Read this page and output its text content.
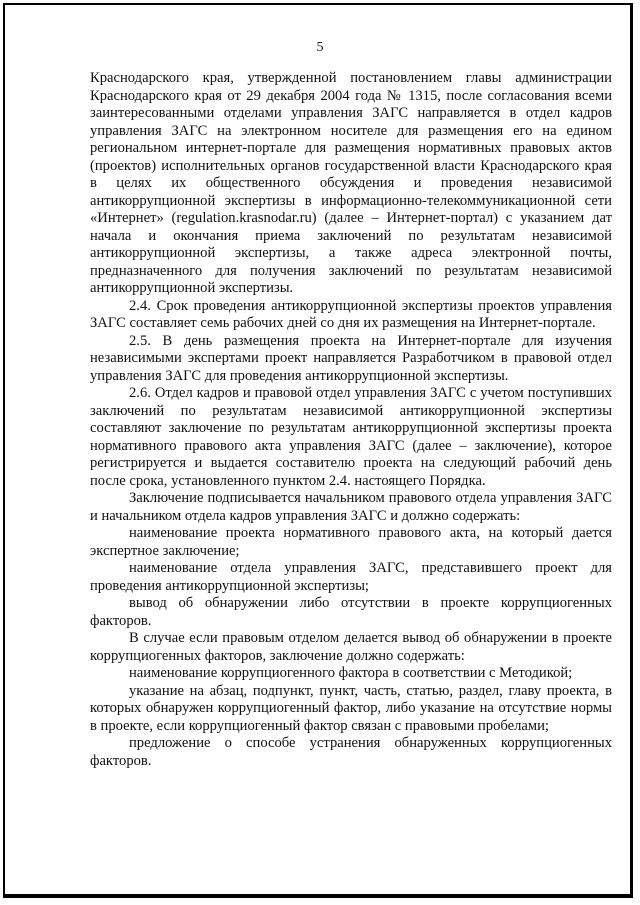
5

Краснодарского края, утвержденной постановлением главы администрации Краснодарского края от 29 декабря 2004 года № 1315, после согласования всеми заинтересованными отделами управления ЗАГС направляется в отдел кадров управления ЗАГС на электронном носителе для размещения его на едином региональном интернет-портале для размещения нормативных правовых актов (проектов) исполнительных органов государственной власти Краснодарского края в целях их общественного обсуждения и проведения независимой антикоррупционной экспертизы в информационно-телекоммуникационной сети «Интернет» (regulation.krasnodar.ru) (далее – Интернет-портал) с указанием дат начала и окончания приема заключений по результатам независимой антикоррупционной экспертизы, а также адреса электронной почты, предназначенного для получения заключений по результатам независимой антикоррупционной экспертизы.

2.4. Срок проведения антикоррупционной экспертизы проектов управления ЗАГС составляет семь рабочих дней со дня их размещения на Интернет-портале.

2.5. В день размещения проекта на Интернет-портале для изучения независимыми экспертами проект направляется Разработчиком в правовой отдел управления ЗАГС для проведения антикоррупционной экспертизы.

2.6. Отдел кадров и правовой отдел управления ЗАГС с учетом поступивших заключений по результатам независимой антикоррупционной экспертизы составляют заключение по результатам антикоррупционной экспертизы проекта нормативного правового акта управления ЗАГС (далее – заключение), которое регистрируется и выдается составителю проекта на следующий рабочий день после срока, установленного пунктом 2.4. настоящего Порядка.

Заключение подписывается начальником правового отдела управления ЗАГС и начальником отдела кадров управления ЗАГС и должно содержать:

наименование проекта нормативного правового акта, на который дается экспертное заключение;

наименование отдела управления ЗАГС, представившего проект для проведения антикоррупционной экспертизы;

вывод об обнаружении либо отсутствии в проекте коррупциогенных факторов.

В случае если правовым отделом делается вывод об обнаружении в проекте коррупциогенных факторов, заключение должно содержать:

наименование коррупциогенного фактора в соответствии с Методикой;

указание на абзац, подпункт, пункт, часть, статью, раздел, главу проекта, в которых обнаружен коррупциогенный фактор, либо указание на отсутствие нормы в проекте, если коррупциогенный фактор связан с правовыми пробелами;

предложение о способе устранения обнаруженных коррупциогенных факторов.
